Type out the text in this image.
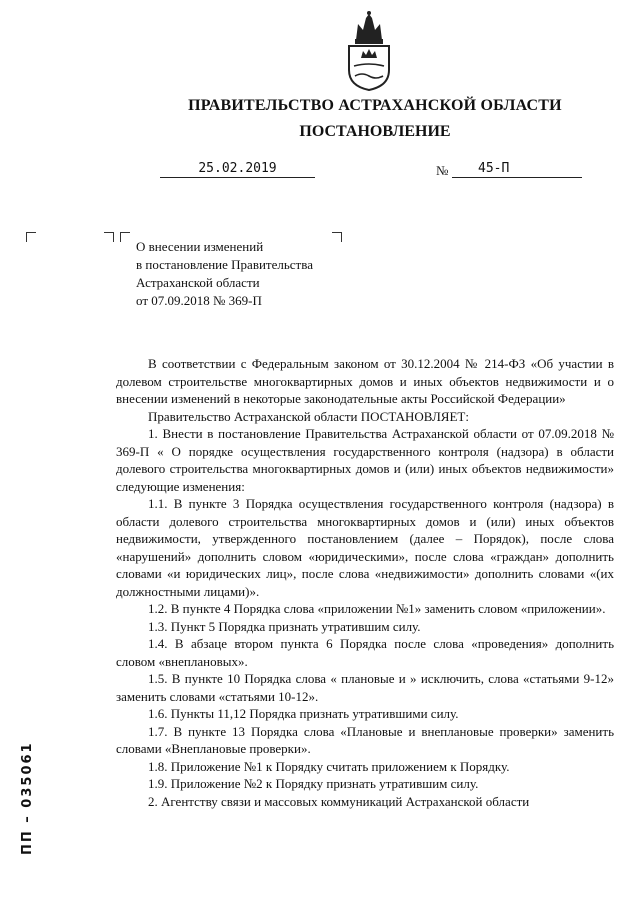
ПРАВИТЕЛЬСТВО АСТРАХАНСКОЙ ОБЛАСТИ
ПОСТАНОВЛЕНИЕ
25.02.2019	№	45-П
О внесении изменений
в постановление Правительства
Астраханской области
от 07.09.2018 № 369-П

В соответствии с Федеральным законом от 30.12.2004 № 214-ФЗ «Об участии в долевом строительстве многоквартирных домов и иных объектов недвижимости и о внесении изменений в некоторые законодательные акты Российской Федерации»

Правительство Астраханской области ПОСТАНОВЛЯЕТ:

1. Внести в постановление Правительства Астраханской области от 07.09.2018 № 369-П « О порядке осуществления государственного контроля (надзора) в области долевого строительства многоквартирных домов и (или) иных объектов недвижимости» следующие изменения:

1.1. В пункте 3 Порядка осуществления государственного контроля (надзора) в области долевого строительства многоквартирных домов и (или) иных объектов недвижимости, утвержденного постановлением (далее – Порядок), после слова «нарушений» дополнить словом «юридическими», после слова «граждан» дополнить словами «и юридических лиц», после слова «недвижимости» дополнить словами «(их должностными лицами)».

1.2. В пункте 4 Порядка слова «приложении №1» заменить словом «приложении».

1.3. Пункт 5 Порядка признать утратившим силу.

1.4. В абзаце втором пункта 6 Порядка после слова «проведения» дополнить словом «внеплановых».

1.5. В пункте 10 Порядка слова « плановые и » исключить, слова «статьями 9-12» заменить словами «статьями 10-12».

1.6. Пункты 11,12 Порядка признать утратившими силу.

1.7. В пункте 13 Порядка слова «Плановые и внеплановые проверки» заменить словами «Внеплановые проверки».

1.8. Приложение №1 к Порядку считать приложением к Порядку.

1.9. Приложение №2 к Порядку признать утратившим силу.

2. Агентству связи и массовых коммуникаций Астраханской области

ПП – 035061
